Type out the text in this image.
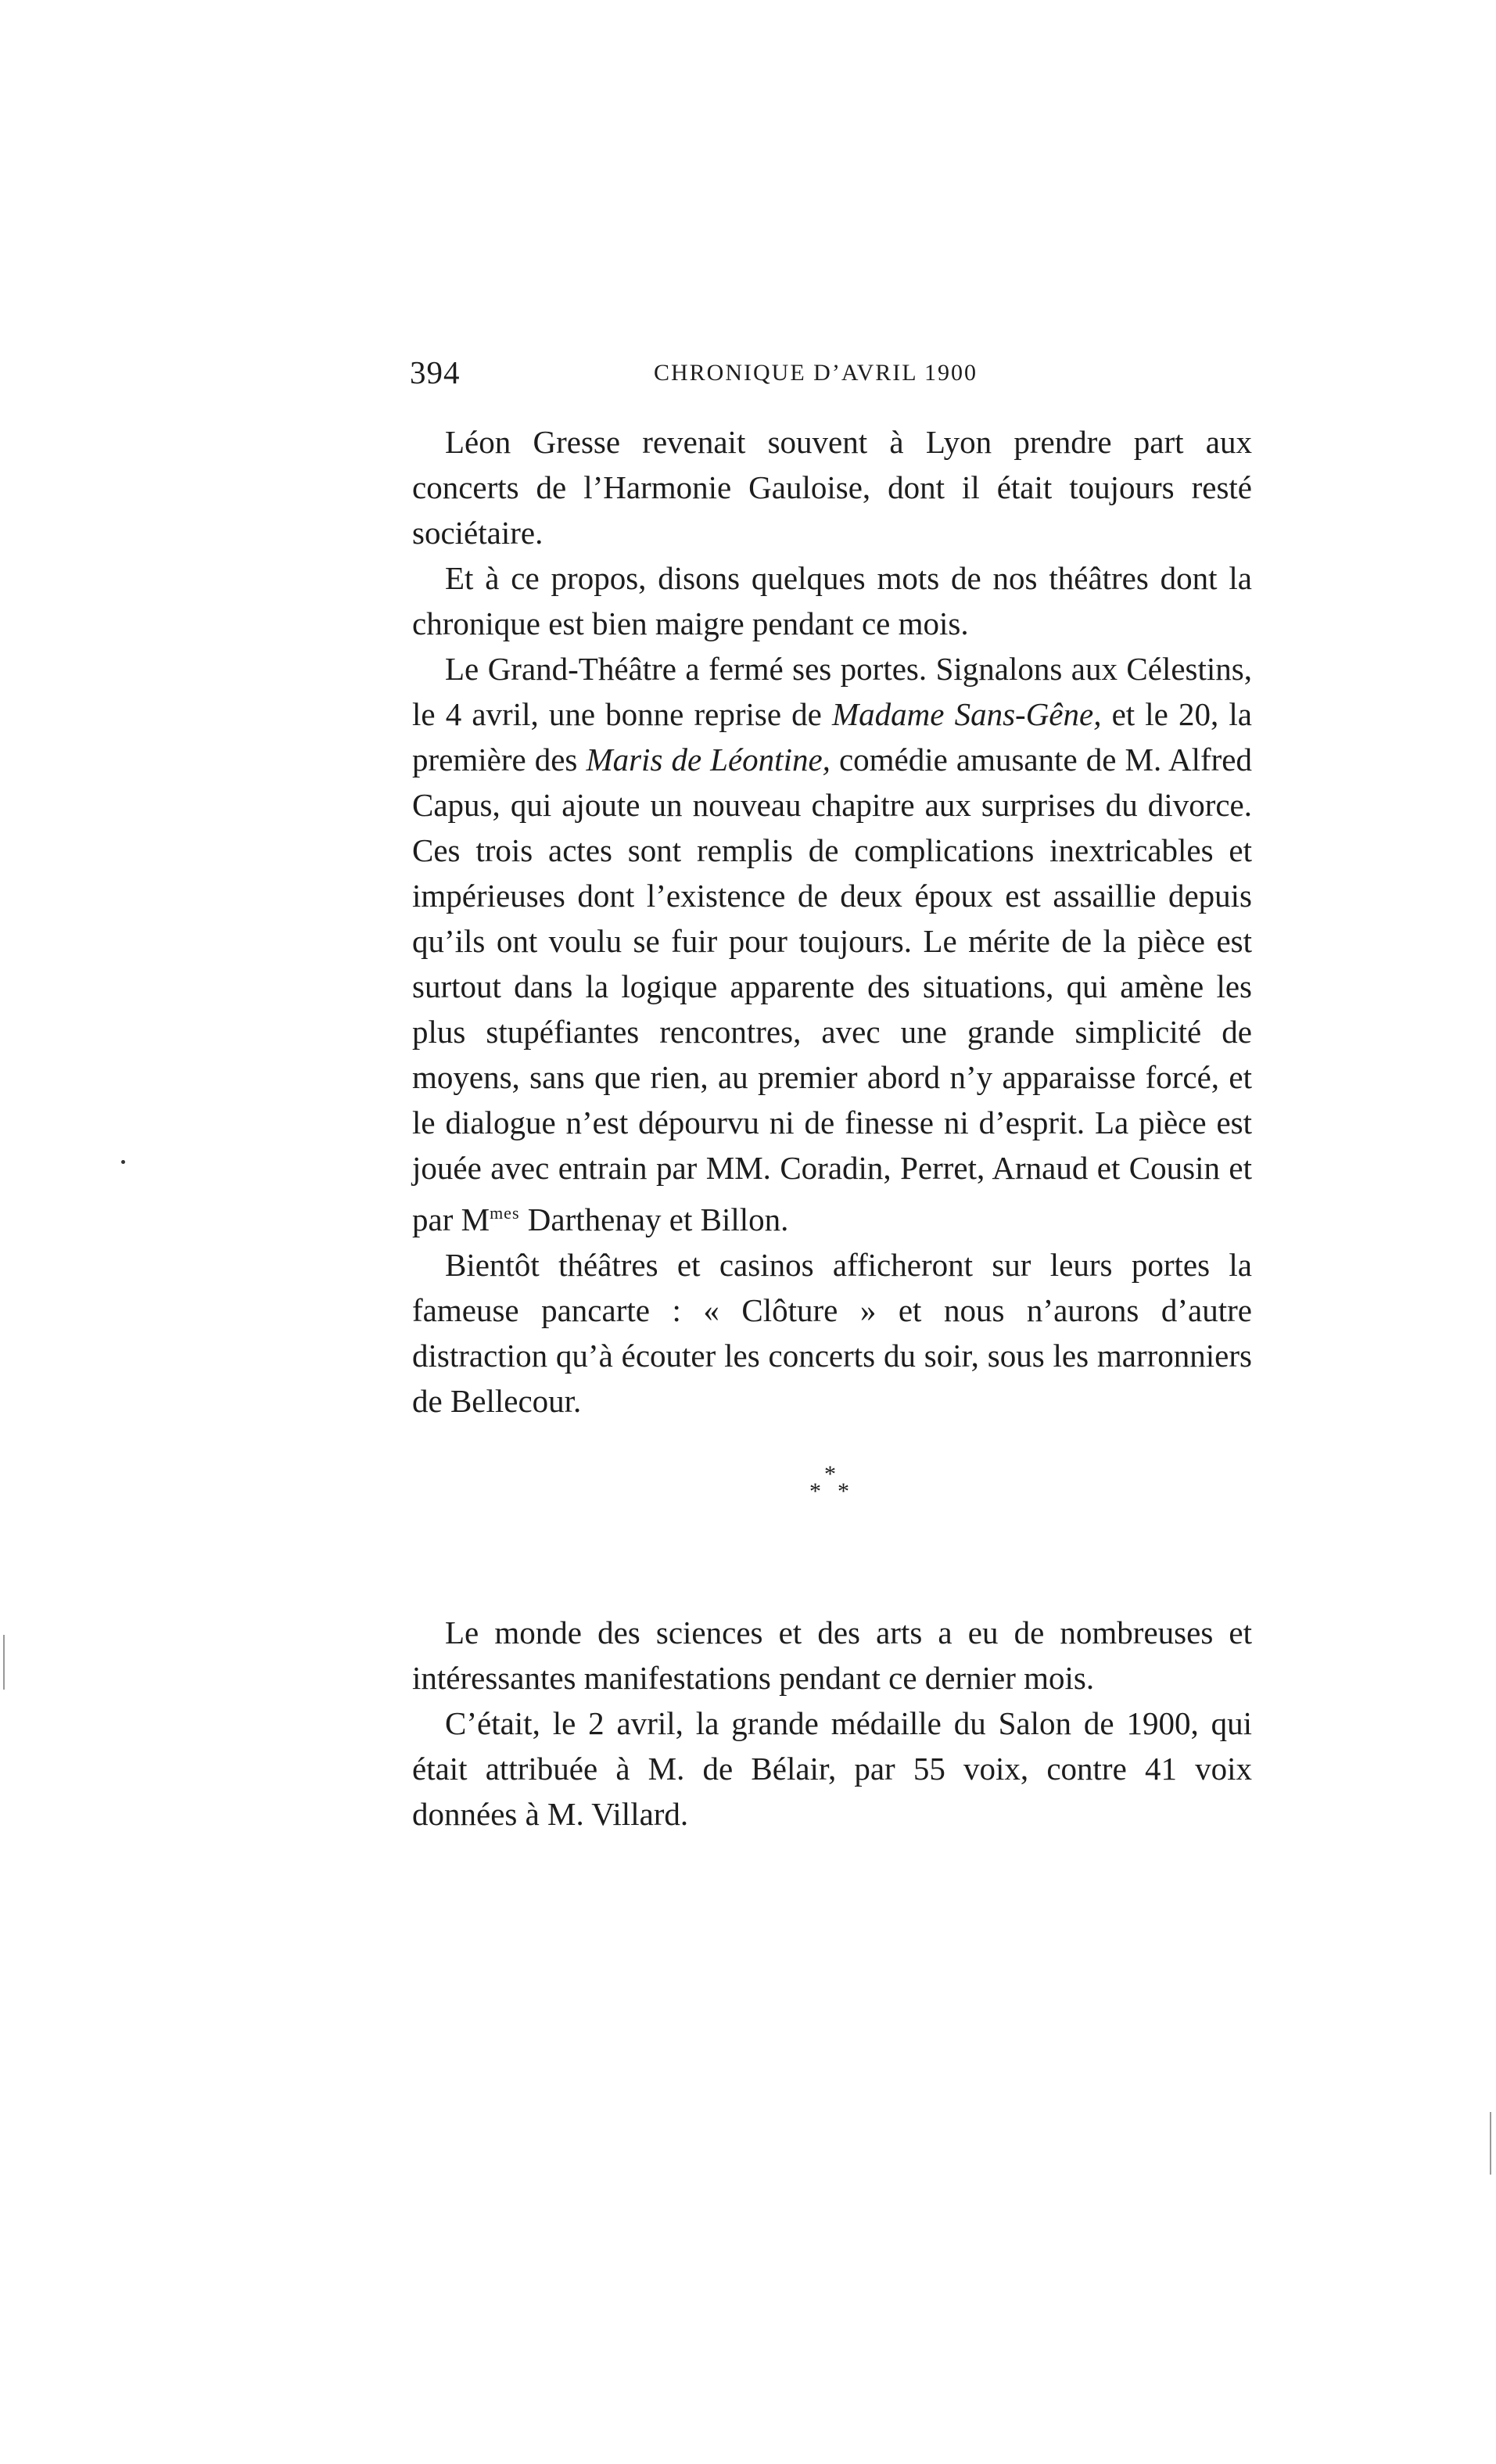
394	CHRONIQUE D’AVRIL 1900

Léon Gresse revenait souvent à Lyon prendre part aux concerts de l’Harmonie Gauloise, dont il était toujours resté sociétaire.

Et à ce propos, disons quelques mots de nos théâtres dont la chronique est bien maigre pendant ce mois.

Le Grand-Théâtre a fermé ses portes. Signalons aux Célestins, le 4 avril, une bonne reprise de Madame Sans-Gêne, et le 20, la première des Maris de Léontine, comédie amusante de M. Alfred Capus, qui ajoute un nouveau chapitre aux surprises du divorce. Ces trois actes sont remplis de complications inextricables et impérieuses dont l’existence de deux époux est assaillie depuis qu’ils ont voulu se fuir pour toujours. Le mérite de la pièce est surtout dans la logique apparente des situations, qui amène les plus stupéfiantes rencontres, avec une grande simplicité de moyens, sans que rien, au premier abord n’y apparaisse forcé, et le dialogue n’est dépourvu ni de finesse ni d’esprit. La pièce est jouée avec entrain par MM. Coradin, Perret, Arnaud et Cousin et par $M^{mes}$ Darthenay et Billon.

Bientôt théâtres et casinos afficheront sur leurs portes la fameuse pancarte : « Clôture » et nous n’aurons d’autre distraction qu’à écouter les concerts du soir, sous les marronniers de Bellecour.

*
* *

Le monde des sciences et des arts a eu de nombreuses et intéressantes manifestations pendant ce dernier mois.

C’était, le 2 avril, la grande médaille du Salon de 1900, qui était attribuée à M. de Bélair, par 55 voix, contre 41 voix données à M. Villard.
